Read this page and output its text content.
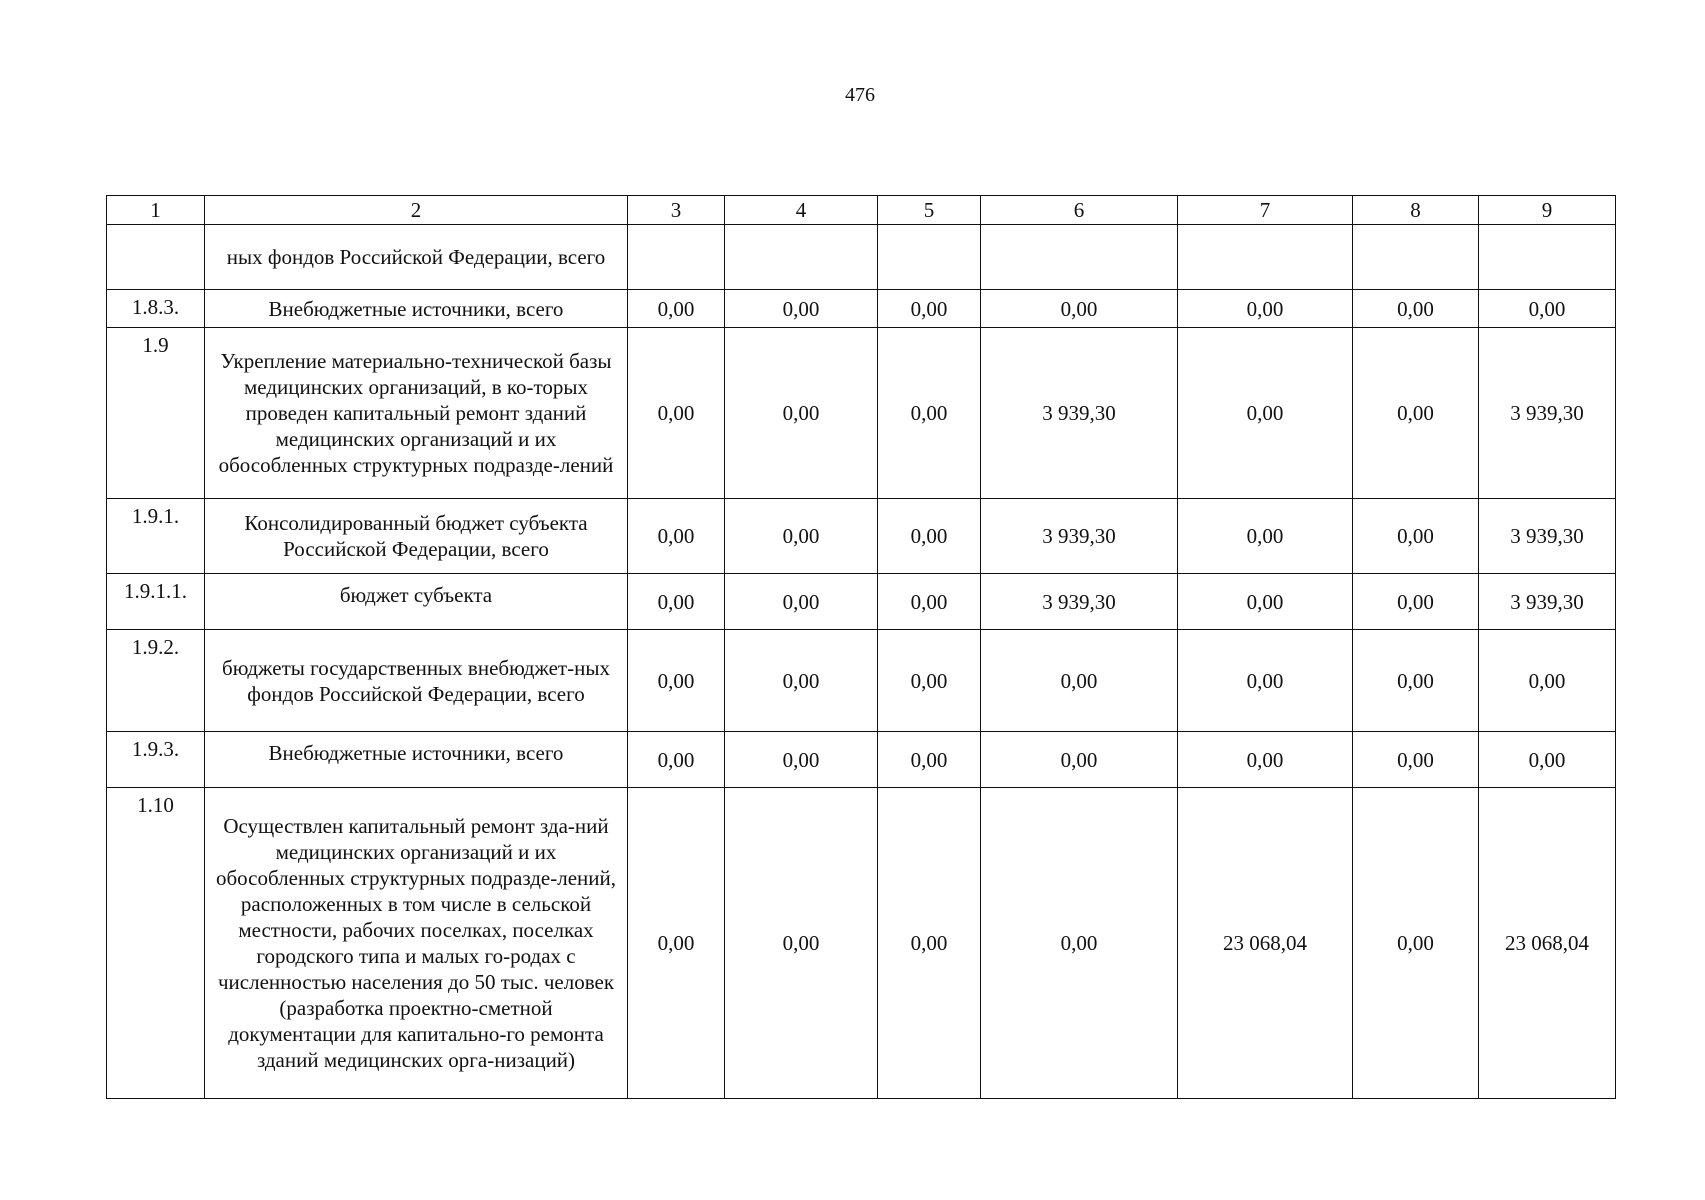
476
1	2	3	4	5	6	7	8	9
	ных фондов Российской Федерации, всего							
1.8.3.	Внебюджетные источники, всего	0,00	0,00	0,00	0,00	0,00	0,00	0,00
1.9	Укрепление материально-технической базы медицинских организаций, в ко-торых проведен капитальный ремонт зданий медицинских организаций и их обособленных структурных подразде-лений	0,00	0,00	0,00	3 939,30	0,00	0,00	3 939,30
1.9.1.	Консолидированный бюджет субъекта Российской Федерации, всего	0,00	0,00	0,00	3 939,30	0,00	0,00	3 939,30
1.9.1.1.	бюджет субъекта	0,00	0,00	0,00	3 939,30	0,00	0,00	3 939,30
1.9.2.	бюджеты государственных внебюджет-ных фондов Российской Федерации, всего	0,00	0,00	0,00	0,00	0,00	0,00	0,00
1.9.3.	Внебюджетные источники, всего	0,00	0,00	0,00	0,00	0,00	0,00	0,00
1.10	Осуществлен капитальный ремонт зда-ний медицинских организаций и их обособленных структурных подразде-лений, расположенных в том числе в сельской местности, рабочих поселках, поселках городского типа и малых го-родах с численностью населения до 50 тыс. человек (разработка проектно-сметной документации для капитально-го ремонта зданий медицинских орга-низаций)	0,00	0,00	0,00	0,00	23 068,04	0,00	23 068,04
